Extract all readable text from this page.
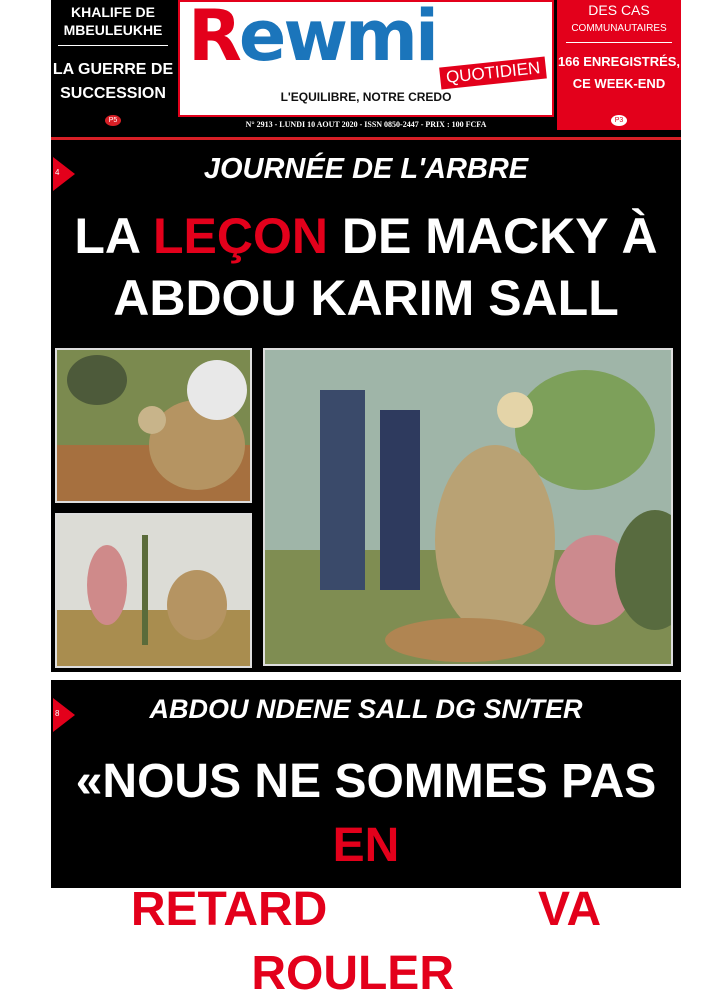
KHALIFE DE MBEULEUKHE
LA GUERRE DE SUCCESSION
P5
Rewmi QUOTIDIEN
L'EQUILIBRE, NOTRE CREDO
N° 2913 - LUNDI 10 AOUT 2020 - ISSN 0850-2447 - PRIX : 100 FCFA
DES CAS
COMMUNAUTAIRES
166 ENREGISTRÉS, CE WEEK-END
P3
4	JOURNÉE DE L'ARBRE
LA LEÇON DE MACKY À
ABDOU KARIM SALL
8	ABDOU NDENE SALL DG SN/TER
«NOUS NE SOMMES PAS EN
RETARD, LE TER VA ROULER»
